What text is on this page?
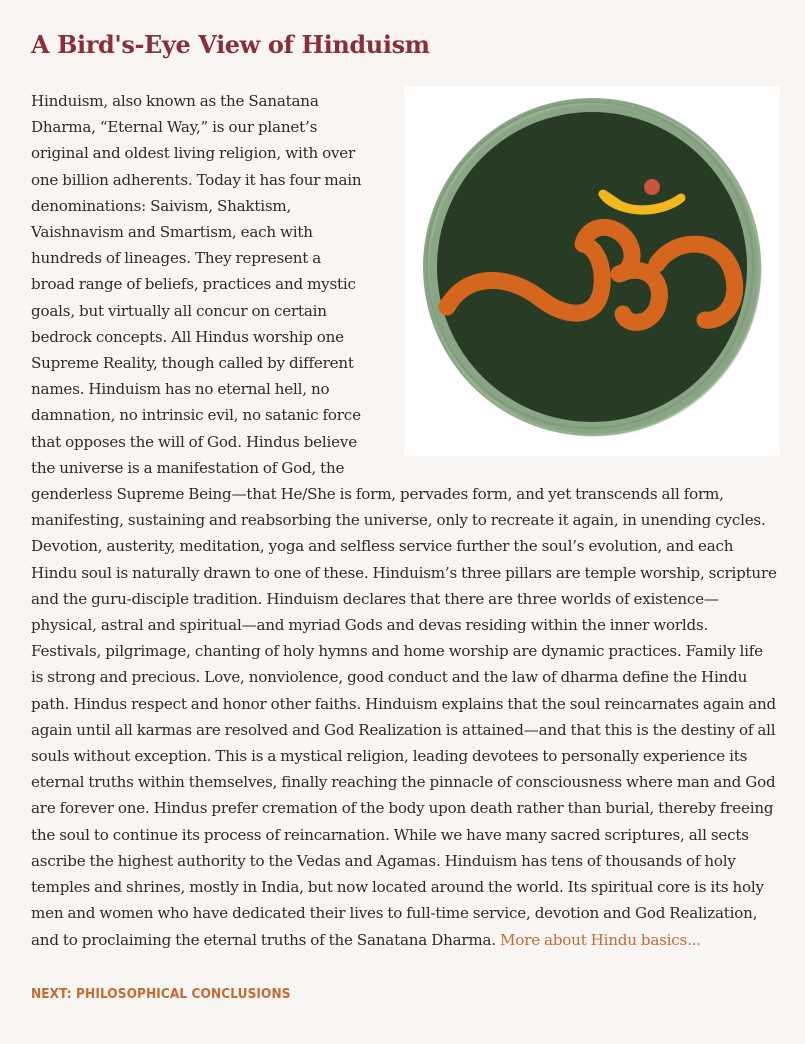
A Bird's-Eye View of Hinduism
Hinduism, also known as the Sanatana Dharma, “Eternal Way,” is our planet’s original and oldest living religion, with over one billion adherents. Today it has four main denominations: Saivism, Shaktism, Vaishnavism and Smartism, each with hundreds of lineages. They represent a broad range of beliefs, practices and mystic goals, but virtually all concur on certain bedrock concepts. All Hindus worship one Supreme Reality, though called by different names. Hinduism has no eternal hell, no damnation, no intrinsic evil, no satanic force that opposes the will of God. Hindus believe the universe is a manifestation of God, the genderless Supreme Being—that He/She is form, pervades form, and yet transcends all form, manifesting, sustaining and reabsorbing the universe, only to recreate it again, in unending cycles. Devotion, austerity, meditation, yoga and selfless service further the soul’s evolution, and each Hindu soul is naturally drawn to one of these. Hinduism’s three pillars are temple worship, scripture and the guru-disciple tradition. Hinduism declares that there are three worlds of existence—physical, astral and spiritual—and myriad Gods and devas residing within the inner worlds. Festivals, pilgrimage, chanting of holy hymns and home worship are dynamic practices. Family life is strong and precious. Love, nonviolence, good conduct and the law of dharma define the Hindu path. Hindus respect and honor other faiths. Hinduism explains that the soul reincarnates again and again until all karmas are resolved and God Realization is attained—and that this is the destiny of all souls without exception. This is a mystical religion, leading devotees to personally experience its eternal truths within themselves, finally reaching the pinnacle of consciousness where man and God are forever one. Hindus prefer cremation of the body upon death rather than burial, thereby freeing the soul to continue its process of reincarnation. While we have many sacred scriptures, all sects ascribe the highest authority to the Vedas and Agamas. Hinduism has tens of thousands of holy temples and shrines, mostly in India, but now located around the world. Its spiritual core is its holy men and women who have dedicated their lives to full-time service, devotion and God Realization, and to proclaiming the eternal truths of the Sanatana Dharma. More about Hindu basics...
NEXT: PHILOSOPHICAL CONCLUSIONS
